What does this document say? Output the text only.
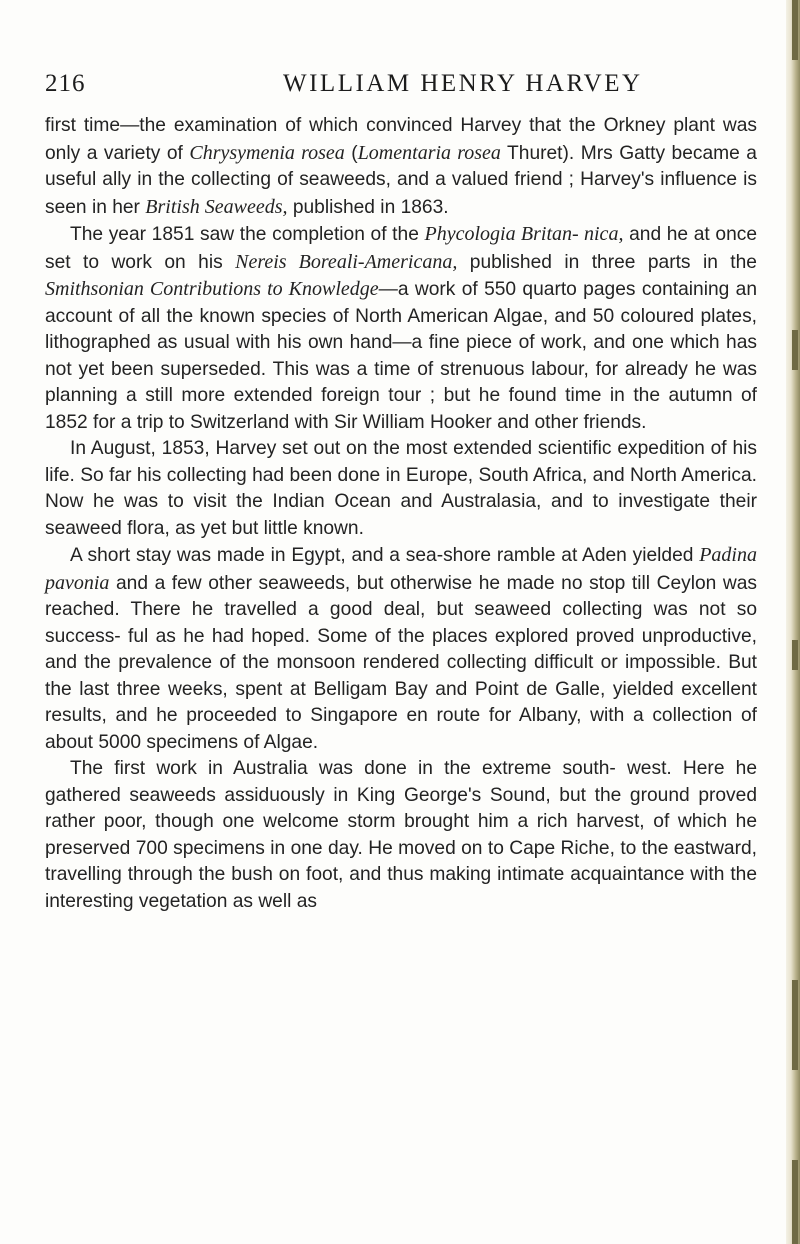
216	WILLIAM HENRY HARVEY

first time—the examination of which convinced Harvey that the Orkney plant was only a variety of Chrysymenia rosea (Lomentaria rosea Thuret). Mrs Gatty became a useful ally in the collecting of seaweeds, and a valued friend ; Harvey's influence is seen in her British Seaweeds, published in 1863.

The year 1851 saw the completion of the Phycologia Britan- nica, and he at once set to work on his Nereis Boreali-Americana, published in three parts in the Smithsonian Contributions to Knowledge—a work of 550 quarto pages containing an account of all the known species of North American Algae, and 50 coloured plates, lithographed as usual with his own hand—a fine piece of work, and one which has not yet been superseded. This was a time of strenuous labour, for already he was planning a still more extended foreign tour ; but he found time in the autumn of 1852 for a trip to Switzerland with Sir William Hooker and other friends.

In August, 1853, Harvey set out on the most extended scientific expedition of his life. So far his collecting had been done in Europe, South Africa, and North America. Now he was to visit the Indian Ocean and Australasia, and to investigate their seaweed flora, as yet but little known.

A short stay was made in Egypt, and a sea-shore ramble at Aden yielded Padina pavonia and a few other seaweeds, but otherwise he made no stop till Ceylon was reached. There he travelled a good deal, but seaweed collecting was not so success- ful as he had hoped. Some of the places explored proved unproductive, and the prevalence of the monsoon rendered collecting difficult or impossible. But the last three weeks, spent at Belligam Bay and Point de Galle, yielded excellent results, and he proceeded to Singapore en route for Albany, with a collection of about 5000 specimens of Algae.

The first work in Australia was done in the extreme south- west. Here he gathered seaweeds assiduously in King George's Sound, but the ground proved rather poor, though one welcome storm brought him a rich harvest, of which he preserved 700 specimens in one day. He moved on to Cape Riche, to the eastward, travelling through the bush on foot, and thus making intimate acquaintance with the interesting vegetation as well as
